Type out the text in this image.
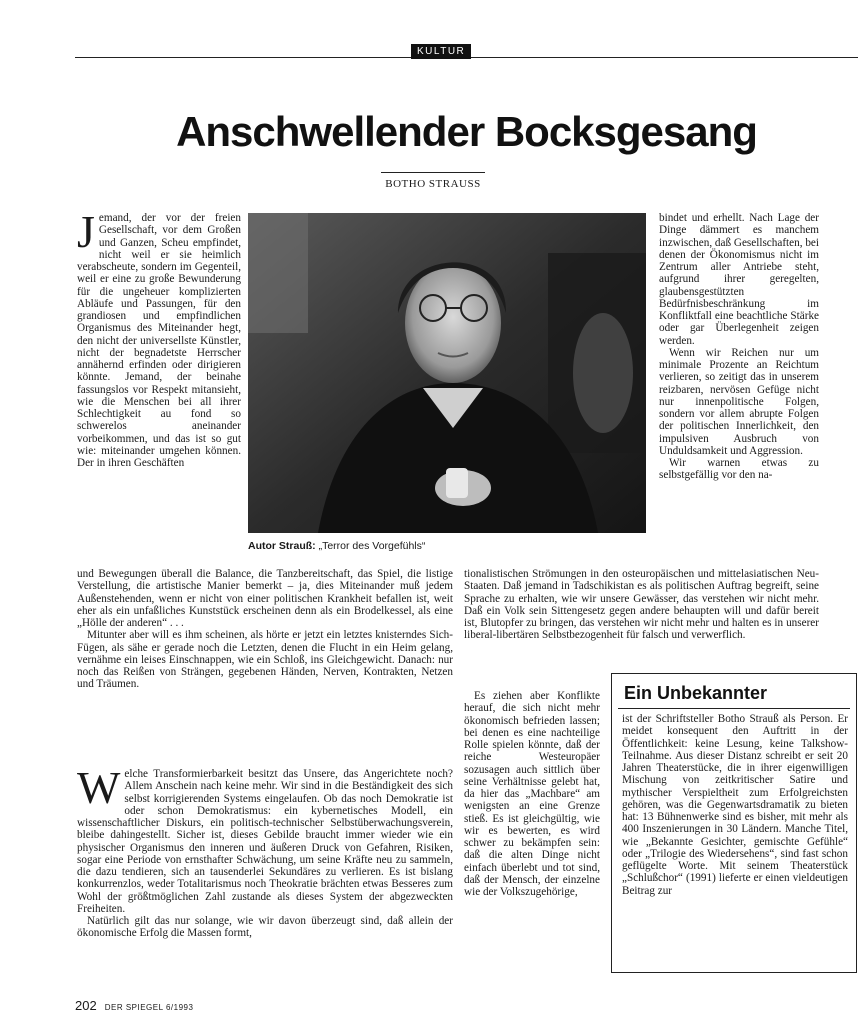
KULTUR
Anschwellender Bocksgesang
BOTHO STRAUSS

Jemand, der vor der freien Gesellschaft, vor dem Großen und Ganzen, Scheu empfindet, nicht weil er sie heimlich verabscheute, sondern im Gegenteil, weil er eine zu große Bewunderung für die ungeheuer komplizierten Abläufe und Passungen, für den grandiosen und empfindlichen Organismus des Miteinander hegt, den nicht der universellste Künstler, nicht der begnadetste Herrscher annähernd erfinden oder dirigieren könnte. Jemand, der beinahe fassungslos vor Respekt mitansieht, wie die Menschen bei all ihrer Schlechtigkeit au fond so schwerelos aneinander vorbeikommen, und das ist so gut wie: miteinander umgehen können. Der in ihren Geschäften

Autor Strauß: „Terror des Vorgefühls“

bindet und erhellt. Nach Lage der Dinge dämmert es manchem inzwischen, daß Gesellschaften, bei denen der Ökonomismus nicht im Zentrum aller Antriebe steht, aufgrund ihrer geregelten, glaubensgestützten Bedürfnisbeschränkung im Konfliktfall eine beachtliche Stärke oder gar Überlegenheit zeigen werden.

Wenn wir Reichen nur um minimale Prozente an Reichtum verlieren, so zeitigt das in unserem reizbaren, nervösen Gefüge nicht nur innenpolitische Folgen, sondern vor allem abrupte Folgen der politischen Innerlichkeit, den impulsiven Ausbruch von Unduldsamkeit und Aggression.

Wir warnen etwas zu selbstgefällig vor den na-

und Bewegungen überall die Balance, die Tanzbereitschaft, das Spiel, die listige Verstellung, die artistische Manier bemerkt – ja, dies Miteinander muß jedem Außenstehenden, wenn er nicht von einer politischen Krankheit befallen ist, weit eher als ein unfaßliches Kunststück erscheinen denn als ein Brodelkessel, als eine „Hölle der anderen“ . . .

Mitunter aber will es ihm scheinen, als hörte er jetzt ein letztes knisterndes Sich-Fügen, als sähe er gerade noch die Letzten, denen die Flucht in ein Heim gelang, vernähme ein leises Einschnappen, wie ein Schloß, ins Gleichgewicht. Danach: nur noch das Reißen von Strängen, gegebenen Händen, Nerven, Kontrakten, Netzen und Träumen.

Welche Transformierbarkeit besitzt das Unsere, das Angerichtete noch? Allem Anschein nach keine mehr. Wir sind in die Beständigkeit des sich selbst korrigierenden Systems eingelaufen. Ob das noch Demokratie ist oder schon Demokratismus: ein kybernetisches Modell, ein wissenschaftlicher Diskurs, ein politisch-technischer Selbstüberwachungsverein, bleibe dahingestellt. Sicher ist, dieses Gebilde braucht immer wieder wie ein physischer Organismus den inneren und äußeren Druck von Gefahren, Risiken, sogar eine Periode von ernsthafter Schwächung, um seine Kräfte neu zu sammeln, die dazu tendieren, sich an tausenderlei Sekundäres zu verlieren. Es ist bislang konkurrenzlos, weder Totalitarismus noch Theokratie brächten etwas Besseres zum Wohl der größtmöglichen Zahl zustande als dieses System der abgezweckten Freiheiten.

Natürlich gilt das nur solange, wie wir davon überzeugt sind, daß allein der ökonomische Erfolg die Massen formt,

tionalistischen Strömungen in den osteuropäischen und mittelasiatischen Neu-Staaten. Daß jemand in Tadschikistan es als politischen Auftrag begreift, seine Sprache zu erhalten, wie wir unsere Gewässer, das verstehen wir nicht mehr. Daß ein Volk sein Sittengesetz gegen andere behaupten will und dafür bereit ist, Blutopfer zu bringen, das verstehen wir nicht mehr und halten es in unserer liberal-libertären Selbstbezogenheit für falsch und verwerflich.

Es ziehen aber Konflikte herauf, die sich nicht mehr ökonomisch befrieden lassen; bei denen es eine nachteilige Rolle spielen könnte, daß der reiche Westeuropäer sozusagen auch sittlich über seine Verhältnisse gelebt hat, da hier das „Machbare“ am wenigsten an eine Grenze stieß. Es ist gleichgültig, wie wir es bewerten, es wird schwer zu bekämpfen sein: daß die alten Dinge nicht einfach überlebt und tot sind, daß der Mensch, der einzelne wie der Volkszugehörige,

Ein Unbekannter
ist der Schriftsteller Botho Strauß als Person. Er meidet konsequent den Auftritt in der Öffentlichkeit: keine Lesung, keine Talkshow-Teilnahme. Aus dieser Distanz schreibt er seit 20 Jahren Theaterstücke, die in ihrer eigenwilligen Mischung von zeitkritischer Satire und mythischer Verspieltheit zum Erfolgreichsten gehören, was die Gegenwartsdramatik zu bieten hat: 13 Bühnenwerke sind es bisher, mit mehr als 400 Inszenierungen in 30 Ländern. Manche Titel, wie „Bekannte Gesichter, gemischte Gefühle“ oder „Trilogie des Wiedersehens“, sind fast schon geflügelte Worte. Mit seinem Theaterstück „Schlußchor“ (1991) lieferte er einen vieldeutigen Beitrag zur
202 DER SPIEGEL 6/1993
